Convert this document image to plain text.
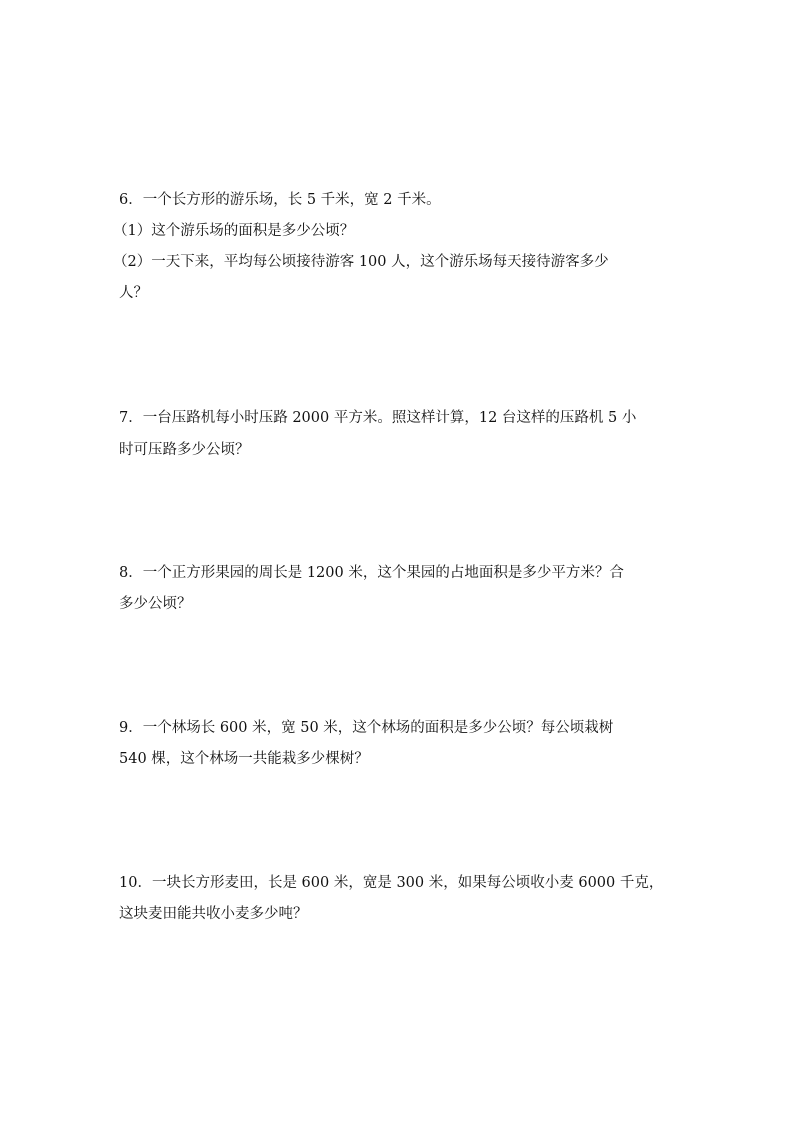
6．一个长方形的游乐场，长 5 千米，宽 2 千米。
（1）这个游乐场的面积是多少公顷？
（2）一天下来，平均每公顷接待游客 100 人，这个游乐场每天接待游客多少
人？
7．一台压路机每小时压路 2000 平方米。照这样计算，12 台这样的压路机 5 小
时可压路多少公顷？
8．一个正方形果园的周长是 1200 米，这个果园的占地面积是多少平方米？合
多少公顷？
9．一个林场长 600 米，宽 50 米，这个林场的面积是多少公顷？每公顷栽树
540 棵，这个林场一共能栽多少棵树？
10．一块长方形麦田，长是 600 米，宽是 300 米，如果每公顷收小麦 6000 千克，
这块麦田能共收小麦多少吨？
